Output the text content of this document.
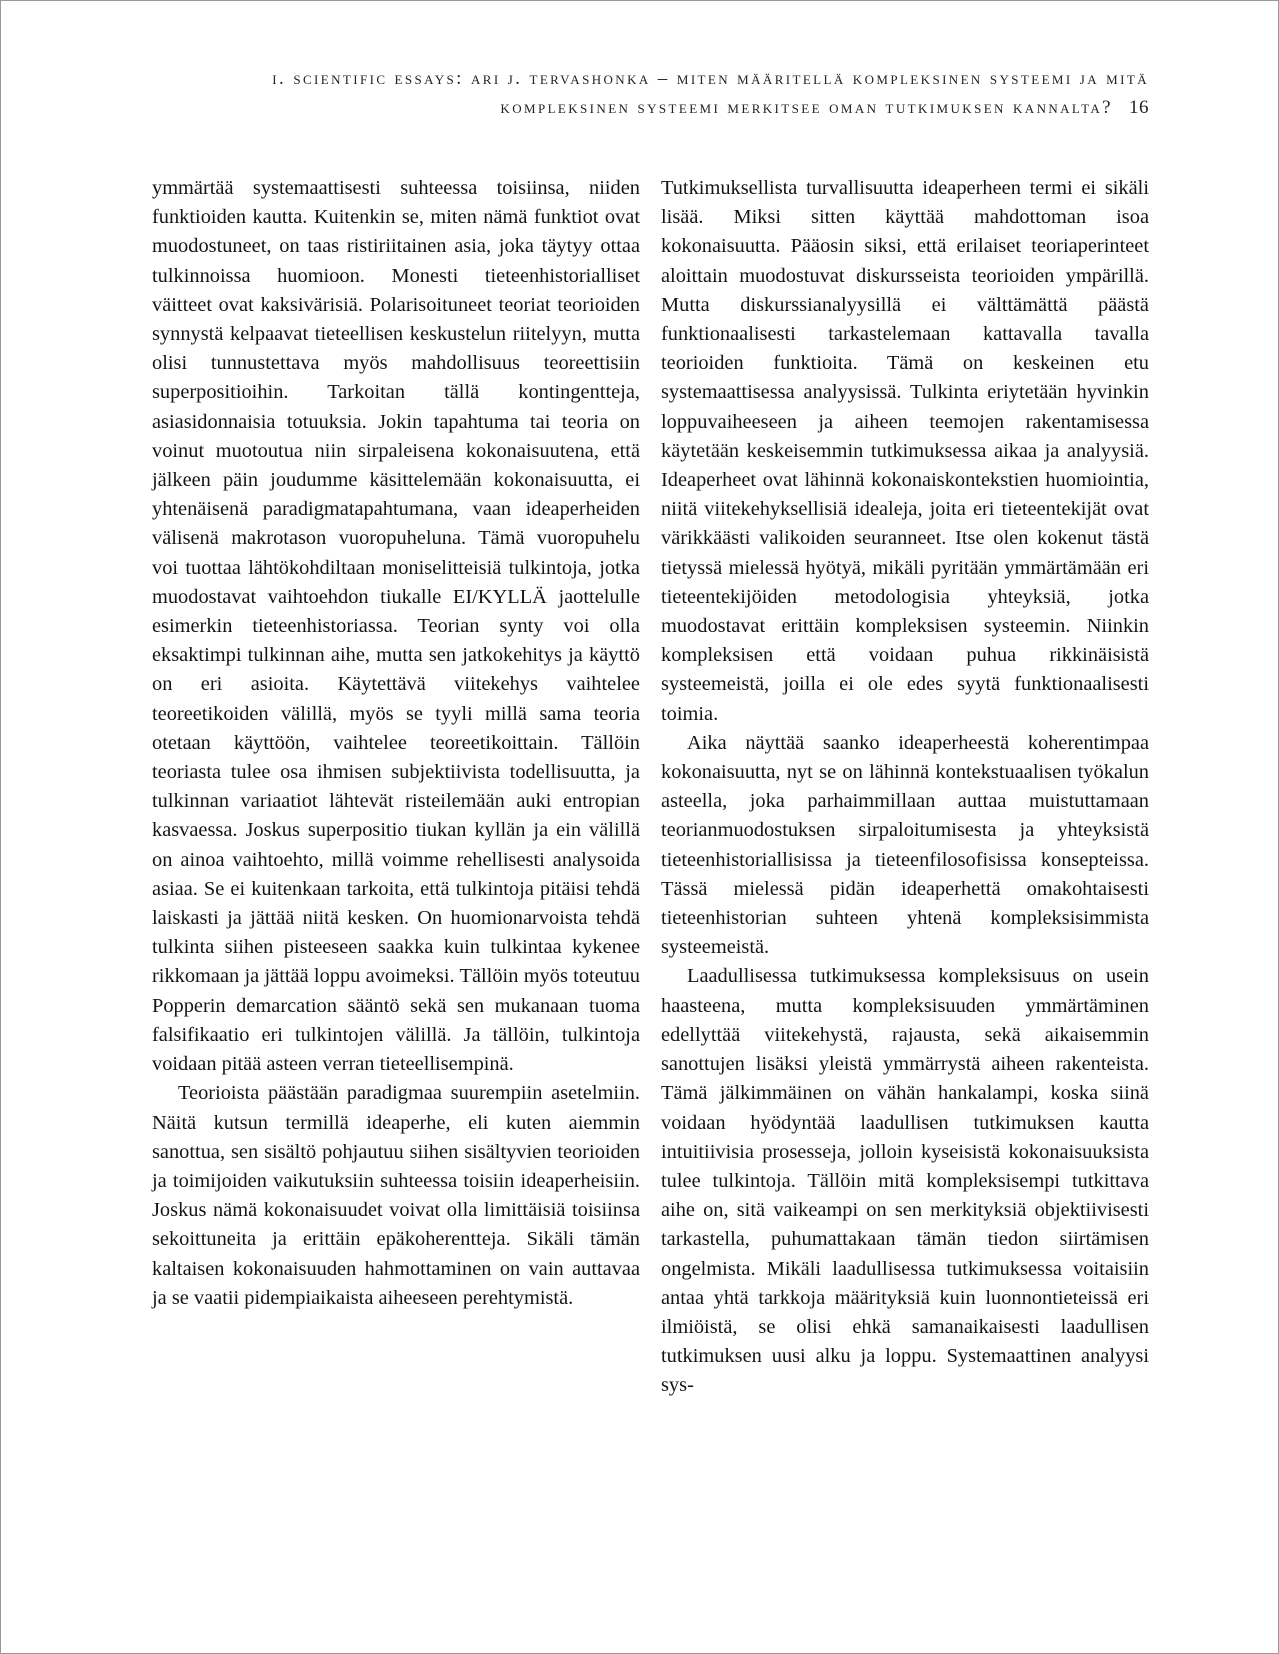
i. scientific essays: ari j. tervashonka – miten määritellä kompleksinen systeemi ja mitä
kompleksinen systeemi merkitsee oman tutkimuksen kannalta? 16

ymmärtää systemaattisesti suhteessa toisiinsa, niiden funktioiden kautta. Kuitenkin se, miten nämä funktiot ovat muodostuneet, on taas ristiriitainen asia, joka täytyy ottaa tulkinnoissa huomioon. Monesti tieteenhistorialliset väitteet ovat kaksivärisiä. Polarisoituneet teoriat teorioiden synnystä kelpaavat tieteellisen keskustelun riitelyyn, mutta olisi tunnustettava myös mahdollisuus teoreettisiin superpositioihin. Tarkoitan tällä kontingentteja, asiasidonnaisia totuuksia. Jokin tapahtuma tai teoria on voinut muotoutua niin sirpaleisena kokonaisuutena, että jälkeen päin joudumme käsittelemään kokonaisuutta, ei yhtenäisenä paradigmatapahtumana, vaan ideaperheiden välisenä makrotason vuoropuheluna. Tämä vuoropuhelu voi tuottaa lähtökohdiltaan moniselitteisiä tulkintoja, jotka muodostavat vaihtoehdon tiukalle EI/KYLLÄ jaottelulle esimerkin tieteenhistoriassa. Teorian synty voi olla eksaktimpi tulkinnan aihe, mutta sen jatkokehitys ja käyttö on eri asioita. Käytettävä viitekehys vaihtelee teoreetikoiden välillä, myös se tyyli millä sama teoria otetaan käyttöön, vaihtelee teoreetikoittain. Tällöin teoriasta tulee osa ihmisen subjektiivista todellisuutta, ja tulkinnan variaatiot lähtevät risteilemään auki entropian kasvaessa. Joskus superpositio tiukan kyllän ja ein välillä on ainoa vaihtoehto, millä voimme rehellisesti analysoida asiaa. Se ei kuitenkaan tarkoita, että tulkintoja pitäisi tehdä laiskasti ja jättää niitä kesken. On huomionarvoista tehdä tulkinta siihen pisteeseen saakka kuin tulkintaa kykenee rikkomaan ja jättää loppu avoimeksi. Tällöin myös toteutuu Popperin demarcation sääntö sekä sen mukanaan tuoma falsifikaatio eri tulkintojen välillä. Ja tällöin, tulkintoja voidaan pitää asteen verran tieteellisempinä.

Teorioista päästään paradigmaa suurempiin asetelmiin. Näitä kutsun termillä ideaperhe, eli kuten aiemmin sanottua, sen sisältö pohjautuu siihen sisältyvien teorioiden ja toimijoiden vaikutuksiin suhteessa toisiin ideaperheisiin. Joskus nämä kokonaisuudet voivat olla limittäisiä toisiinsa sekoittuneita ja erittäin epäkoherentteja. Sikäli tämän kaltaisen kokonaisuuden hahmottaminen on vain auttavaa ja se vaatii pidempiaikaista aiheeseen perehtymistä.

Tutkimuksellista turvallisuutta ideaperheen termi ei sikäli lisää. Miksi sitten käyttää mahdottoman isoa kokonaisuutta. Pääosin siksi, että erilaiset teoriaperinteet aloittain muodostuvat diskursseista teorioiden ympärillä. Mutta diskurssianalyysillä ei välttämättä päästä funktionaalisesti tarkastelemaan kattavalla tavalla teorioiden funktioita. Tämä on keskeinen etu systemaattisessa analyysissä. Tulkinta eriytetään hyvinkin loppuvaiheeseen ja aiheen teemojen rakentamisessa käytetään keskeisemmin tutkimuksessa aikaa ja analyysiä. Ideaperheet ovat lähinnä kokonaiskontekstien huomiointia, niitä viitekehyksellisiä idealeja, joita eri tieteentekijät ovat värikkäästi valikoiden seuranneet. Itse olen kokenut tästä tietyssä mielessä hyötyä, mikäli pyritään ymmärtämään eri tieteentekijöiden metodologisia yhteyksiä, jotka muodostavat erittäin kompleksisen systeemin. Niinkin kompleksisen että voidaan puhua rikkinäisistä systeemeistä, joilla ei ole edes syytä funktionaalisesti toimia.

Aika näyttää saanko ideaperheestä koherentimpaa kokonaisuutta, nyt se on lähinnä kontekstuaalisen työkalun asteella, joka parhaimmillaan auttaa muistuttamaan teorianmuodostuksen sirpaloitumisesta ja yhteyksistä tieteenhistoriallisissa ja tieteenfilosofisissa konsepteissa. Tässä mielessä pidän ideaperhettä omakohtaisesti tieteenhistorian suhteen yhtenä kompleksisimmista systeemeistä.

Laadullisessa tutkimuksessa kompleksisuus on usein haasteena, mutta kompleksisuuden ymmärtäminen edellyttää viitekehystä, rajausta, sekä aikaisemmin sanottujen lisäksi yleistä ymmärrystä aiheen rakenteista. Tämä jälkimmäinen on vähän hankalampi, koska siinä voidaan hyödyntää laadullisen tutkimuksen kautta intuitiivisia prosesseja, jolloin kyseisistä kokonaisuuksista tulee tulkintoja. Tällöin mitä kompleksisempi tutkittava aihe on, sitä vaikeampi on sen merkityksiä objektiivisesti tarkastella, puhumattakaan tämän tiedon siirtämisen ongelmista. Mikäli laadullisessa tutkimuksessa voitaisiin antaa yhtä tarkkoja määrityksiä kuin luonnontieteissä eri ilmiöistä, se olisi ehkä samanaikaisesti laadullisen tutkimuksen uusi alku ja loppu. Systemaattinen analyysi sys-
